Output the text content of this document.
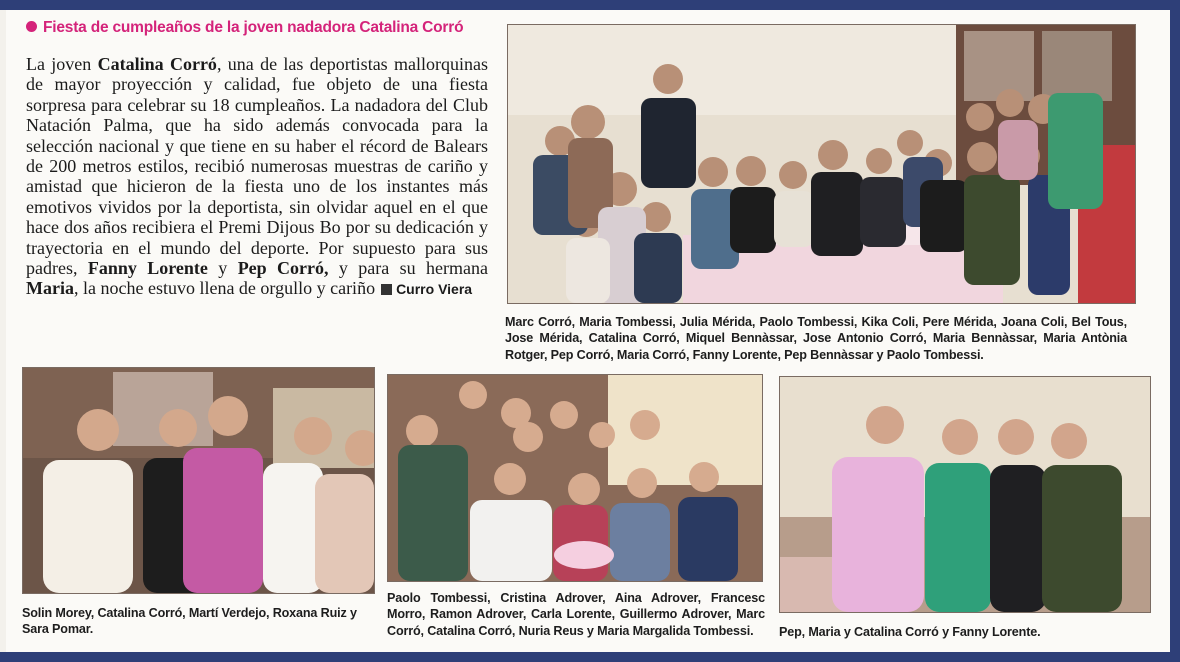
Fiesta de cumpleaños de la joven nadadora Catalina Corró
La joven Catalina Corró, una de las deportistas mallorquinas de mayor proyección y calidad, fue objeto de una fiesta sorpresa para celebrar su 18 cumpleaños. La nadadora del Club Natación Palma, que ha sido además convocada para la selección nacional y que tiene en su haber el récord de Balears de 200 metros estilos, recibió numerosas muestras de cariño y amistad que hicieron de la fiesta uno de los instantes más emotivos vividos por la deportista, sin olvidar aquel en el que hace dos años recibiera el Premi Dijous Bo por su dedicación y trayectoria en el mundo del deporte. Por supuesto para sus padres, Fanny Lorente y Pep Corró, y para su hermana Maria, la noche estuvo llena de orgullo y cariño Curro Viera
Marc Corró, Maria Tombessi, Julia Mérida, Paolo Tombessi, Kika Coli, Pere Mérida, Joana Coli, Bel Tous, Jose Mérida, Catalina Corró, Miquel Bennàssar, Jose Antonio Corró, Maria Bennàssar, Maria Antònia Rotger, Pep Corró, Maria Corró, Fanny Lorente, Pep Bennàssar y Paolo Tombessi.
Solin Morey, Catalina Corró, Martí Verdejo, Roxana Ruiz y Sara Pomar.
Paolo Tombessi, Cristina Adrover, Aina Adrover, Francesc Morro, Ramon Adrover, Carla Lorente, Guillermo Adrover, Marc Corró, Catalina Corró, Nuria Reus y Maria Margalida Tombessi.	Pep, Maria y Catalina Corró y Fanny Lorente.
